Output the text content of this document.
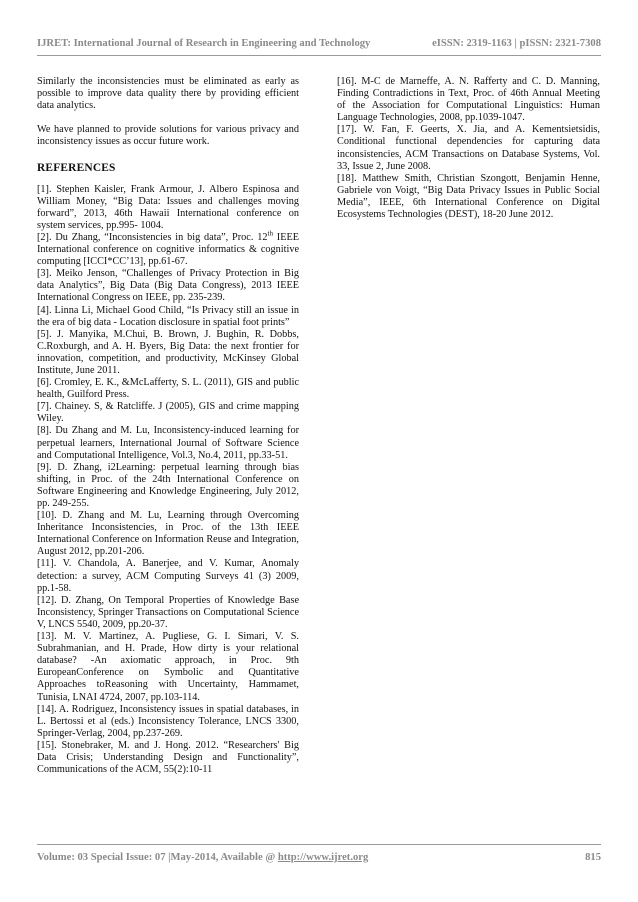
IJRET: International Journal of Research in Engineering and Technology	eISSN: 2319-1163 | pISSN: 2321-7308

Similarly the inconsistencies must be eliminated as early as possible to improve data quality there by providing efficient data analytics.

We have planned to provide solutions for various privacy and inconsistency issues as occur future work.

REFERENCES
[1]. Stephen Kaisler, Frank Armour, J. Albero Espinosa and William Money, “Big Data: Issues and challenges moving forward”, 2013, 46th Hawaii International conference on system services, pp.995- 1004.
[2]. Du Zhang, “Inconsistencies in big data”, Proc. 12th IEEE International conference on cognitive informatics & cognitive computing [ICCI*CC’13], pp.61-67.
[3]. Meiko Jenson, “Challenges of Privacy Protection in Big data Analytics”, Big Data (Big Data Congress), 2013 IEEE International Congress on IEEE, pp. 235-239.
[4]. Linna Li, Michael Good Child, “Is Privacy still an issue in the era of big data - Location disclosure in spatial foot prints”
[5]. J. Manyika, M.Chui, B. Brown, J. Bughin, R. Dobbs, C.Roxburgh, and A. H. Byers, Big Data: the next frontier for innovation, competition, and productivity, McKinsey Global Institute, June 2011.
[6]. Cromley, E. K., &McLafferty, S. L. (2011), GIS and public health, Guilford Press.
[7]. Chainey. S, & Ratcliffe. J (2005), GIS and crime mapping Wiley.
[8]. Du Zhang and M. Lu, Inconsistency-induced learning for perpetual learners, International Journal of Software Science and Computational Intelligence, Vol.3, No.4, 2011, pp.33-51.
[9]. D. Zhang, i2Learning: perpetual learning through bias shifting, in Proc. of the 24th International Conference on Software Engineering and Knowledge Engineering, July 2012, pp. 249-255.
[10]. D. Zhang and M. Lu, Learning through Overcoming Inheritance Inconsistencies, in Proc. of the 13th IEEE International Conference on Information Reuse and Integration, August 2012, pp.201-206.
[11]. V. Chandola, A. Banerjee, and V. Kumar, Anomaly detection: a survey, ACM Computing Surveys 41 (3) 2009, pp.1-58.
[12]. D. Zhang, On Temporal Properties of Knowledge Base Inconsistency, Springer Transactions on Computational Science V, LNCS 5540, 2009, pp.20-37.
[13]. M. V. Martinez, A. Pugliese, G. I. Simari, V. S. Subrahmanian, and H. Prade, How dirty is your relational database? -An axiomatic approach, in Proc. 9th EuropeanConference on Symbolic and Quantitative Approaches toReasoning with Uncertainty, Hammamet, Tunisia, LNAI 4724, 2007, pp.103-114.
[14]. A. Rodriguez, Inconsistency issues in spatial databases, in L. Bertossi et al (eds.) Inconsistency Tolerance, LNCS 3300, Springer-Verlag, 2004, pp.237-269.
[15]. Stonebraker, M. and J. Hong. 2012. “Researchers' Big Data Crisis; Understanding Design and Functionality”, Communications of the ACM, 55(2):10-11
[16]. M-C de Marneffe, A. N. Rafferty and C. D. Manning, Finding Contradictions in Text, Proc. of 46th Annual Meeting of the Association for Computational Linguistics: Human Language Technologies, 2008, pp.1039-1047.
[17]. W. Fan, F. Geerts, X. Jia, and A. Kementsietsidis, Conditional functional dependencies for capturing data inconsistencies, ACM Transactions on Database Systems, Vol. 33, Issue 2, June 2008.
[18]. Matthew Smith, Christian Szongott, Benjamin Henne, Gabriele von Voigt, “Big Data Privacy Issues in Public Social Media”, IEEE, 6th International Conference on Digital Ecosystems Technologies (DEST), 18-20 June 2012.
Volume: 03 Special Issue: 07 |May-2014, Available @ http://www.ijret.org	815
